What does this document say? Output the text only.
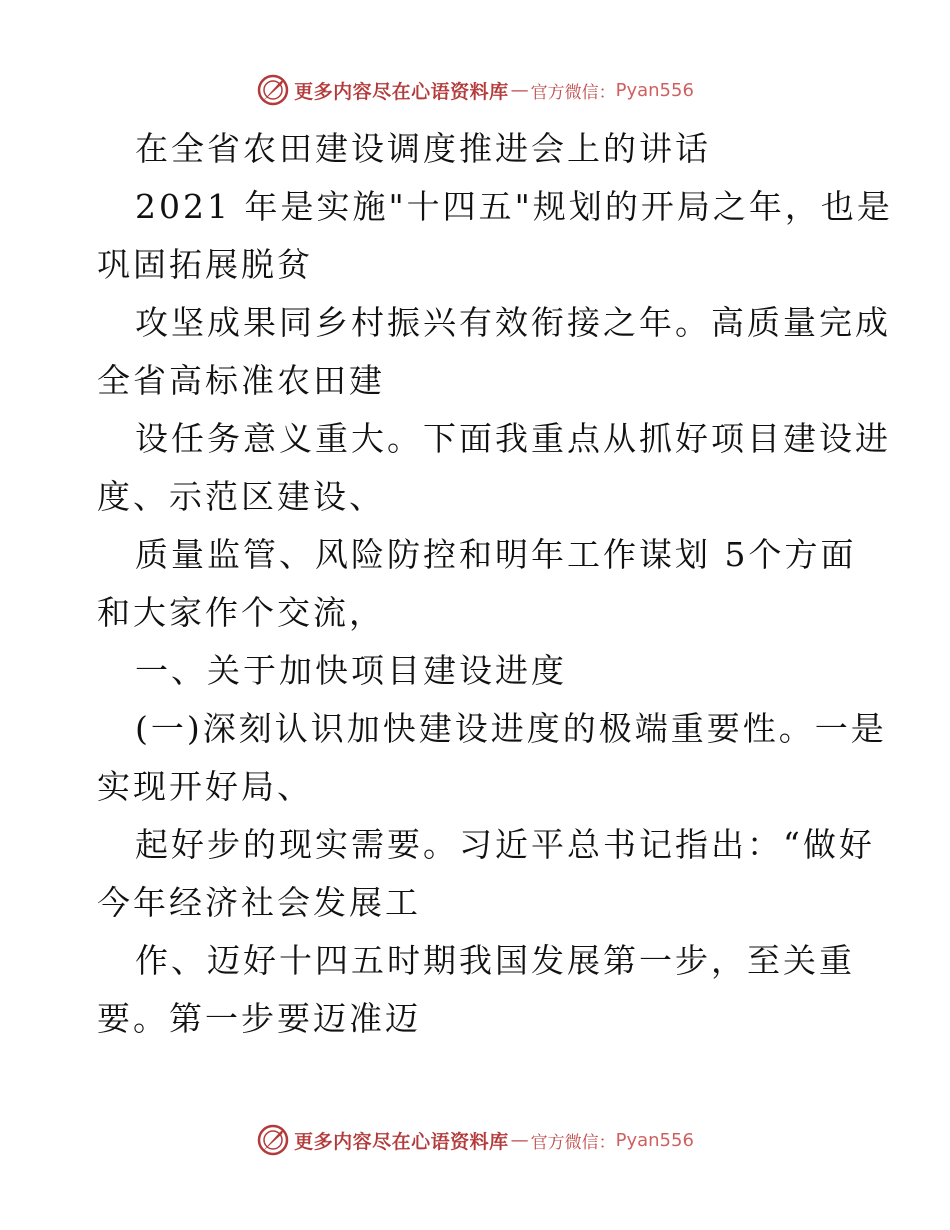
更多内容尽在心语资料库 — 官方微信： Pyan556

在全省农田建设调度推进会上的讲话

2021 年是实施"十四五"规划的开局之年，也是

巩固拓展脱贫

攻坚成果同乡村振兴有效衔接之年。高质量完成

全省高标准农田建

设任务意义重大。下面我重点从抓好项目建设进

度、示范区建设、

质量监管、风险防控和明年工作谋划 5个方面

和大家作个交流，

一、关于加快项目建设进度

(一)深刻认识加快建设进度的极端重要性。一是

实现开好局、

起好步的现实需要。习近平总书记指出：“做好

今年经济社会发展工

作、迈好十四五时期我国发展第一步，至关重

要。第一步要迈准迈

更多内容尽在心语资料库 — 官方微信： Pyan556
